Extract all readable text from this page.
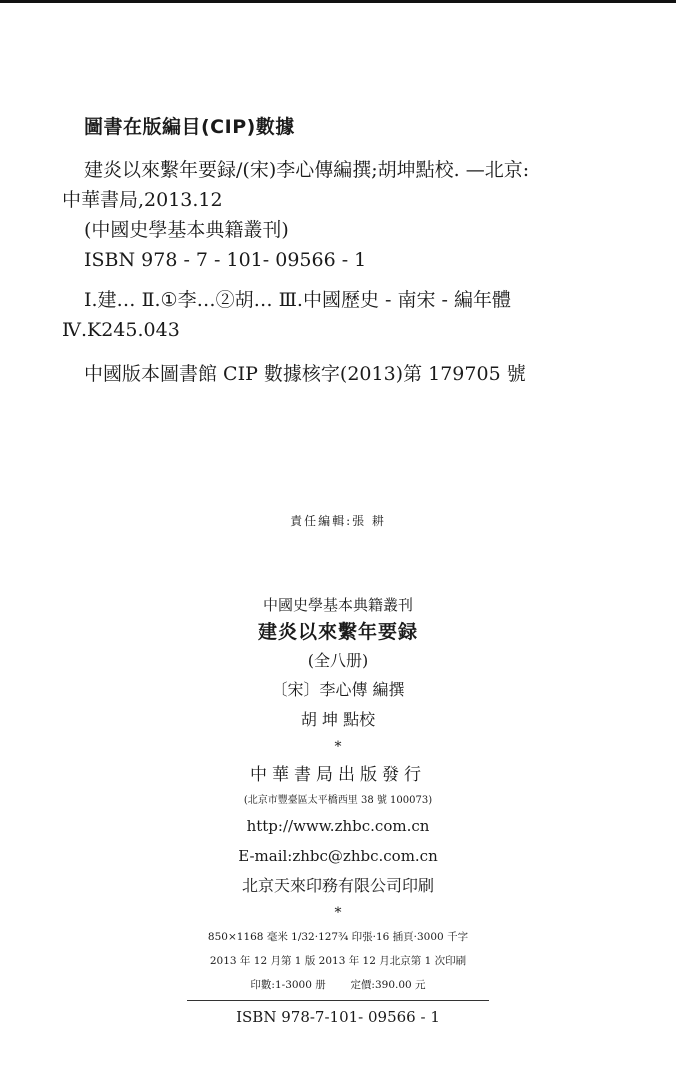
圖書在版編目(CIP)數據
建炎以來繫年要録/(宋)李心傳編撰;胡坤點校. —北京:
中華書局,2013.12
(中國史學基本典籍叢刊)
ISBN 978 - 7 - 101- 09566 - 1
Ⅰ.建… Ⅱ.①李…②胡… Ⅲ.中國歷史 - 南宋 - 編年體
Ⅳ.K245.043
中國版本圖書館 CIP 數據核字(2013)第 179705 號
責任編輯:張 耕
中國史學基本典籍叢刊
建炎以來繫年要録
(全八册)
〔宋〕李心傳 編撰
胡 坤 點校
*
中華書局出版發行
(北京市豐臺區太平橋西里 38 號 100073)
http://www.zhbc.com.cn
E-mail:zhbc@zhbc.com.cn
北京天來印務有限公司印刷
*
850×1168 毫米 1/32·127¾ 印張·16 插頁·3000 千字
2013 年 12 月第 1 版 2013 年 12 月北京第 1 次印刷
印數:1-3000 册 定價:390.00 元
ISBN 978-7-101- 09566 - 1
